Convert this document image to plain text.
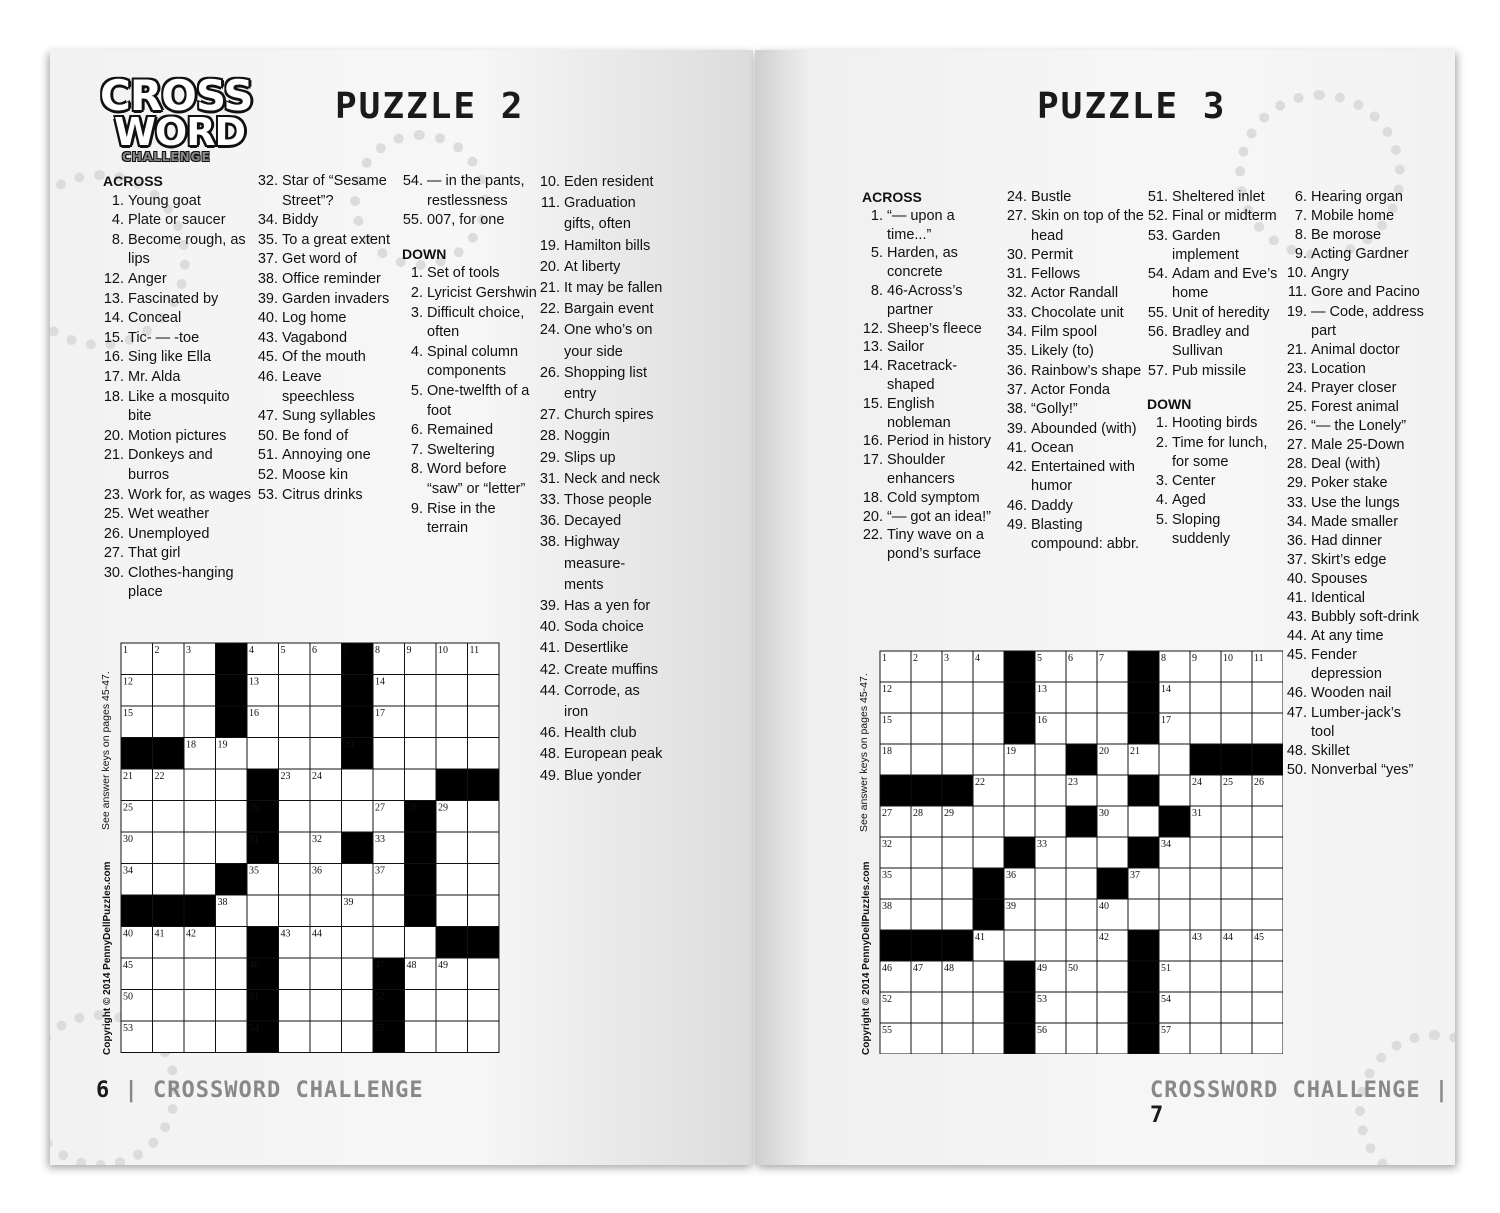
CROSS
WORD
CHALLENGE
PUZZLE 2

ACROSS

1. Young goat

4. Plate or saucer

8. Become rough, as lips

12. Anger

13. Fascinated by

14. Conceal

15. Tic- — -toe

16. Sing like Ella

17. Mr. Alda

18. Like a mosquito bite

20. Motion pictures

21. Donkeys and burros

23. Work for, as wages

25. Wet weather

26. Unemployed

27. That girl

30. Clothes-hanging place

32. Star of “Sesame Street”?

34. Biddy

35. To a great extent

37. Get word of

38. Office reminder

39. Garden invaders

40. Log home

43. Vagabond

45. Of the mouth

46. Leave speechless

47. Sung syllables

50. Be fond of

51. Annoying one

52. Moose kin

53. Citrus drinks

54. — in the pants, restlessness

55. 007, for one

DOWN

1. Set of tools

2. Lyricist Gershwin

3. Difficult choice, often

4. Spinal column components

5. One-twelfth of a foot

6. Remained

7. Sweltering

8. Word before “saw” or “letter”

9. Rise in the terrain

10. Eden resident

11. Graduation gifts, often

19. Hamilton bills

20. At liberty

21. It may be fallen

22. Bargain event

24. One who’s on your side

26. Shopping list entry

27. Church spires

28. Noggin

29. Slips up

31. Neck and neck

33. Those people

36. Decayed

38. Highway measure-ments

39. Has a yen for

40. Soda choice

41. Desertlike

42. Create muffins

44. Corrode, as iron

46. Health club

48. European peak

49. Blue yonder

1	2	3	4	5	6	7	8	9	10 11
12	13	14
15	16	17
18 19	20
21 22	23 24
25	26	27 28 29
30	31	32	33
34	35	36	37
38	39
40 41 42	43 44
45	46	47 48 49
50	51	52
53	54	55
See answer keys on pages 45-47.
Copyright © 2014 PennyDellPuzzles.com
6 | CROSSWORD CHALLENGE
PUZZLE 3

ACROSS

1. “— upon a time...”

5. Harden, as concrete

8. 46-Across’s partner

12. Sheep’s fleece

13. Sailor

14. Racetrack-shaped

15. English nobleman

16. Period in history

17. Shoulder enhancers

18. Cold symptom

20. “— got an idea!”

22. Tiny wave on a pond’s surface

24. Bustle

27. Skin on top of the head

30. Permit

31. Fellows

32. Actor Randall

33. Chocolate unit

34. Film spool

35. Likely (to)

36. Rainbow’s shape

37. Actor Fonda

38. “Golly!”

39. Abounded (with)

41. Ocean

42. Entertained with humor

46. Daddy

49. Blasting compound: abbr.

51. Sheltered inlet

52. Final or midterm

53. Garden implement

54. Adam and Eve’s home

55. Unit of heredity

56. Bradley and Sullivan

57. Pub missile

DOWN

1. Hooting birds

2. Time for lunch, for some

3. Center

4. Aged

5. Sloping suddenly

6. Hearing organ

7. Mobile home

8. Be morose

9. Acting Gardner

10. Angry

11. Gore and Pacino

19. — Code, address part

21. Animal doctor

23. Location

24. Prayer closer

25. Forest animal

26. “— the Lonely”

27. Male 25-Down

28. Deal (with)

29. Poker stake

33. Use the lungs

34. Made smaller

36. Had dinner

37. Skirt’s edge

40. Spouses

41. Identical

43. Bubbly soft-drink

44. At any time

45. Fender depression

46. Wooden nail

47. Lumber-jack’s tool

48. Skillet

50. Nonverbal “yes”

1	2	3	4	5	6	7	8	9	10 11
12	13	14
15	16	17
18	19	20 21
22	23	24 25 26
27 28 29	30	31
32	33	34
35	36	37
38	39	40
41	42	43 44 45
46 47 48	49 50	51
52	53	54
55	56	57
See answer keys on pages 45-47.
Copyright © 2014 PennyDellPuzzles.com
CROSSWORD CHALLENGE | 7
